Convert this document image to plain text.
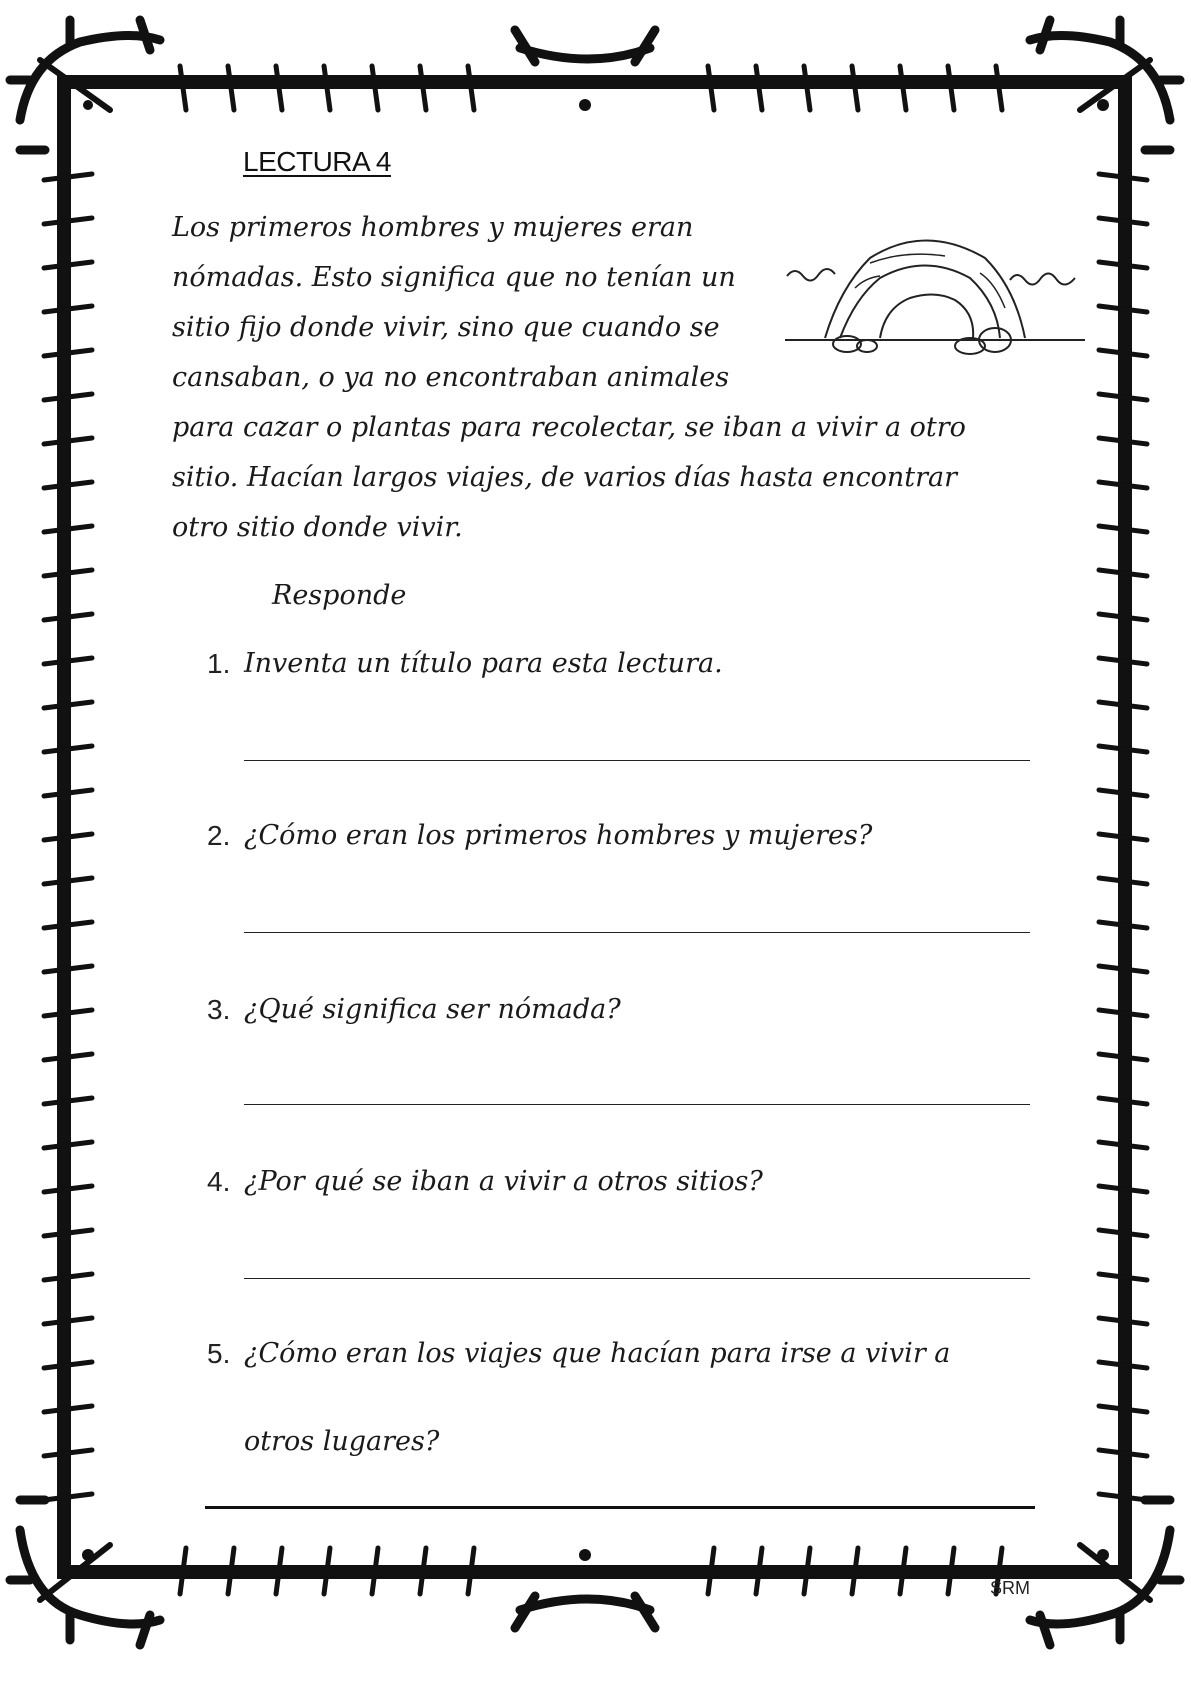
LECTURA 4
Los primeros hombres y mujeres eran
nómadas. Esto significa que no tenían un
sitio fijo donde vivir, sino que cuando se
cansaban, o ya no encontraban animales
para cazar o plantas para recolectar, se iban a vivir a otro
sitio. Hacían largos viajes, de varios días hasta encontrar
otro sitio donde vivir.
Responde
1. Inventa un título para esta lectura.
2. ¿Cómo eran los primeros hombres y mujeres?
3. ¿Qué significa ser nómada?
4. ¿Por qué se iban a vivir a otros sitios?
5. ¿Cómo eran los viajes que hacían para irse a vivir a
otros lugares?
SRM
